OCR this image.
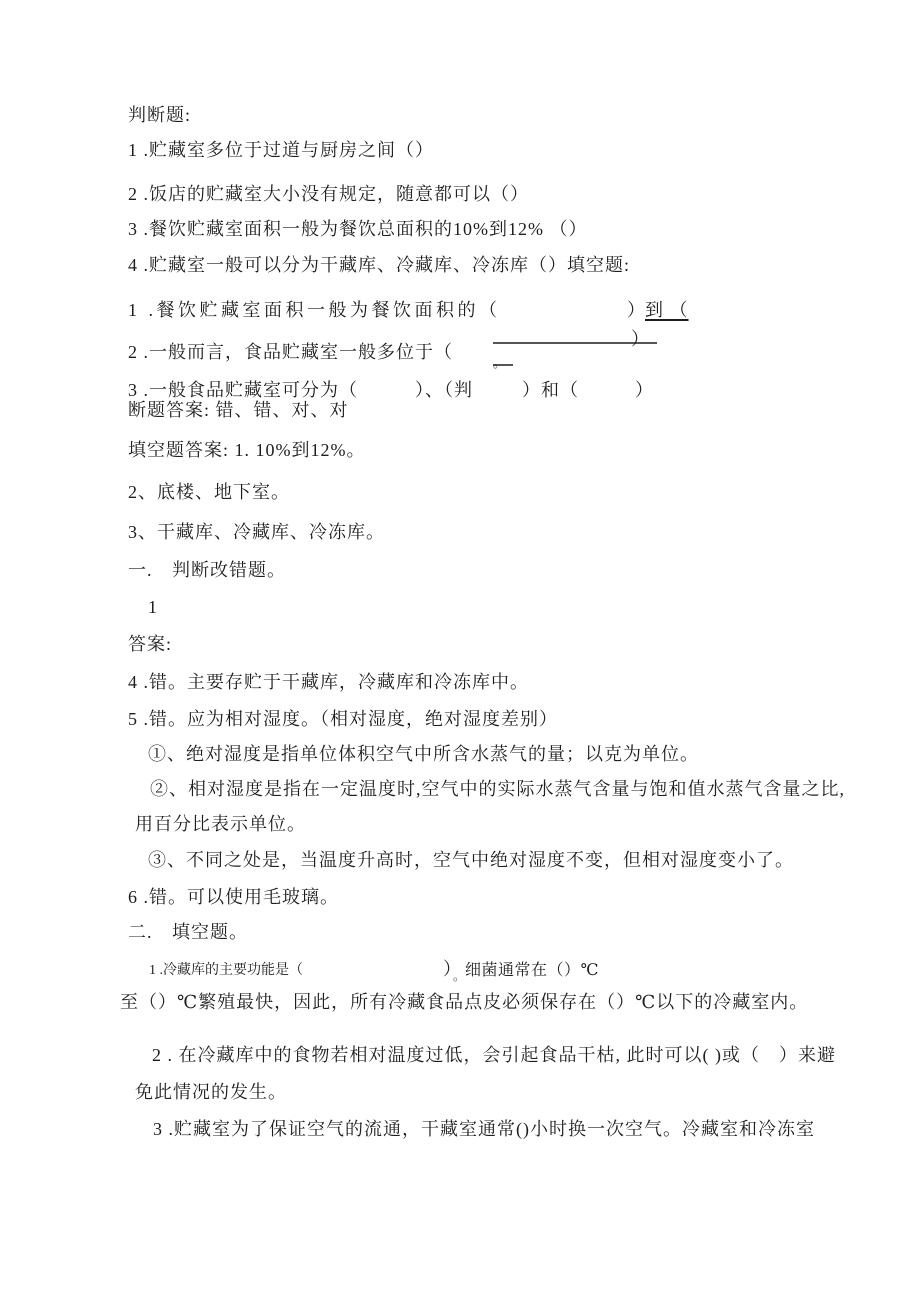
判断题:
1 .贮藏室多位于过道与厨房之间（）
2 .饭店的贮藏室大小没有规定，随意都可以（）
3 .餐饮贮藏室面积一般为餐饮总面积的10%到12% （）
4 .贮藏室一般可以分为干藏库、冷藏库、冷冻库（）填空题:
1 .餐饮贮藏室面积一般为餐饮面积的（	） 到 （
）
2 .一般而言，食品贮藏室一般多位于（
。
3 .一般食品贮藏室可分为（	）、（判	）和（	）
断题答案: 错、错、对、对
填空题答案: 1. 10%到12%。
2、底楼、地下室。
3、干藏库、冷藏库、冷冻库。
一. 判断改错题。
1
答案:
4 .错。主要存贮于干藏库，冷藏库和冷冻库中。
5 .错。应为相对湿度。（相对湿度，绝对湿度差别）
①、绝对湿度是指单位体积空气中所含水蒸气的量；以克为单位。
②、相对湿度是指在一定温度时,空气中的实际水蒸气含量与饱和值水蒸气含量之比,
用百分比表示单位。
③、不同之处是，当温度升高时，空气中绝对湿度不变，但相对湿度变小了。
6 .错。可以使用毛玻璃。
二. 填空题。
1 .冷藏库的主要功能是（	）$_。$细菌通常在（）℃
至（）℃繁殖最快，因此，所有冷藏食品点皮必须保存在（）℃以下的冷藏室内。
2 . 在冷藏库中的食物若相对温度过低，会引起食品干枯, 此时可以( )或（　）来避
免此情况的发生。
3 .贮藏室为了保证空气的流通，干藏室通常()小时换一次空气。冷藏室和冷冻室
